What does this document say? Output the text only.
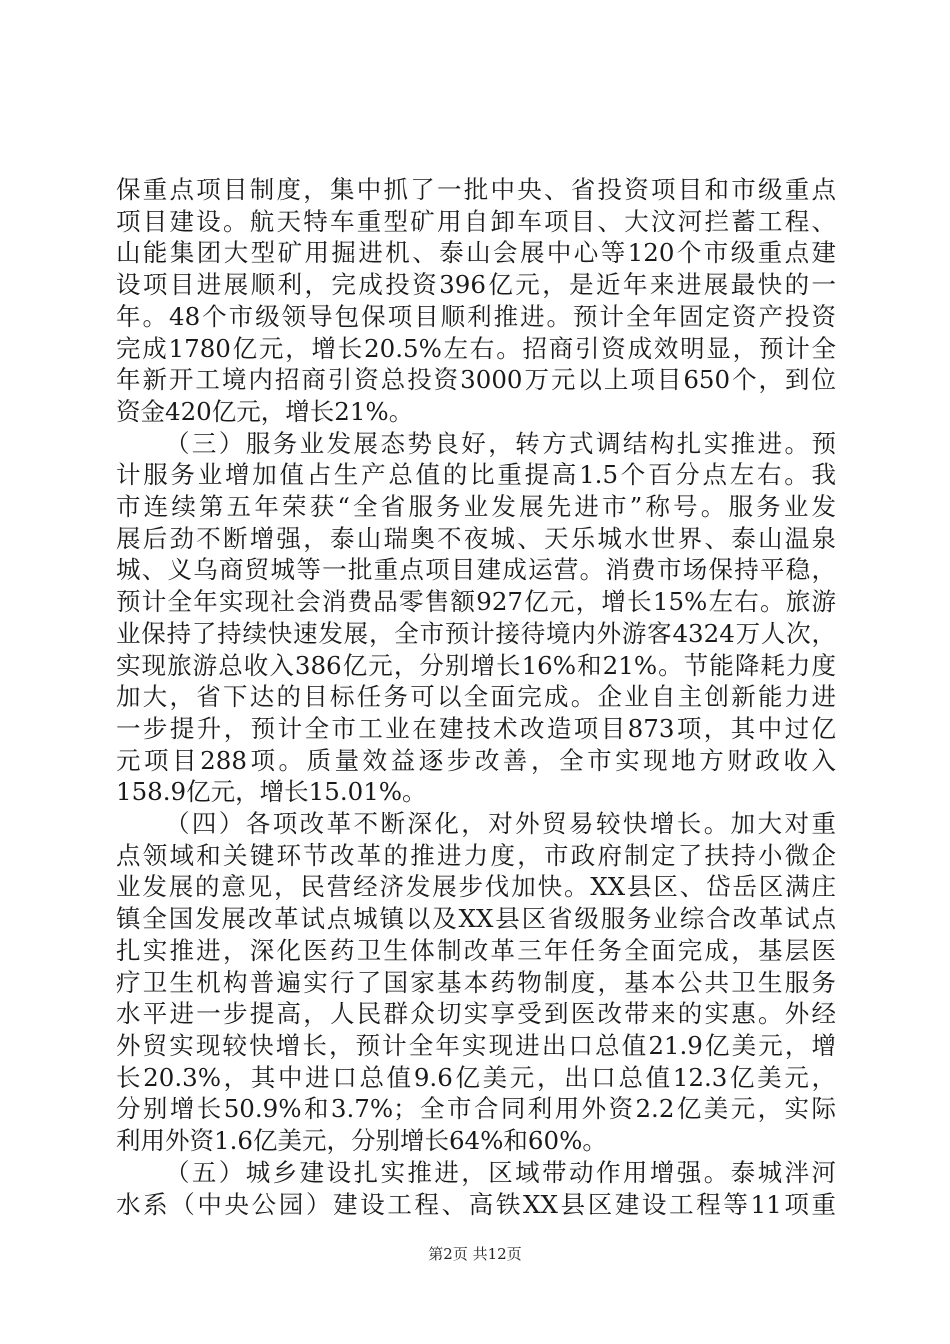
保重点项目制度，集中抓了一批中央、省投资项目和市级重点
项目建设。航天特车重型矿用自卸车项目、大汶河拦蓄工程、
山能集团大型矿用掘进机、泰山会展中心等120个市级重点建
设项目进展顺利，完成投资396亿元，是近年来进展最快的一
年。48个市级领导包保项目顺利推进。预计全年固定资产投资
完成1780亿元，增长20.5%左右。招商引资成效明显，预计全
年新开工境内招商引资总投资3000万元以上项目650个，到位
资金420亿元，增长21%。
（三）服务业发展态势良好，转方式调结构扎实推进。预
计服务业增加值占生产总值的比重提高1.5个百分点左右。我
市连续第五年荣获“全省服务业发展先进市”称号。服务业发
展后劲不断增强，泰山瑞奥不夜城、天乐城水世界、泰山温泉
城、义乌商贸城等一批重点项目建成运营。消费市场保持平稳，
预计全年实现社会消费品零售额927亿元，增长15%左右。旅游
业保持了持续快速发展，全市预计接待境内外游客4324万人次，
实现旅游总收入386亿元，分别增长16%和21%。节能降耗力度
加大，省下达的目标任务可以全面完成。企业自主创新能力进
一步提升，预计全市工业在建技术改造项目873项，其中过亿
元项目288项。质量效益逐步改善，全市实现地方财政收入
158.9亿元，增长15.01%。
（四）各项改革不断深化，对外贸易较快增长。加大对重
点领域和关键环节改革的推进力度，市政府制定了扶持小微企
业发展的意见，民营经济发展步伐加快。XX县区、岱岳区满庄
镇全国发展改革试点城镇以及XX县区省级服务业综合改革试点
扎实推进，深化医药卫生体制改革三年任务全面完成，基层医
疗卫生机构普遍实行了国家基本药物制度，基本公共卫生服务
水平进一步提高，人民群众切实享受到医改带来的实惠。外经
外贸实现较快增长，预计全年实现进出口总值21.9亿美元，增
长20.3%，其中进口总值9.6亿美元，出口总值12.3亿美元，
分别增长50.9%和3.7%；全市合同利用外资2.2亿美元，实际
利用外资1.6亿美元，分别增长64%和60%。
（五）城乡建设扎实推进，区域带动作用增强。泰城泮河
水系（中央公园）建设工程、高铁XX县区建设工程等11项重
第2页 共12页
